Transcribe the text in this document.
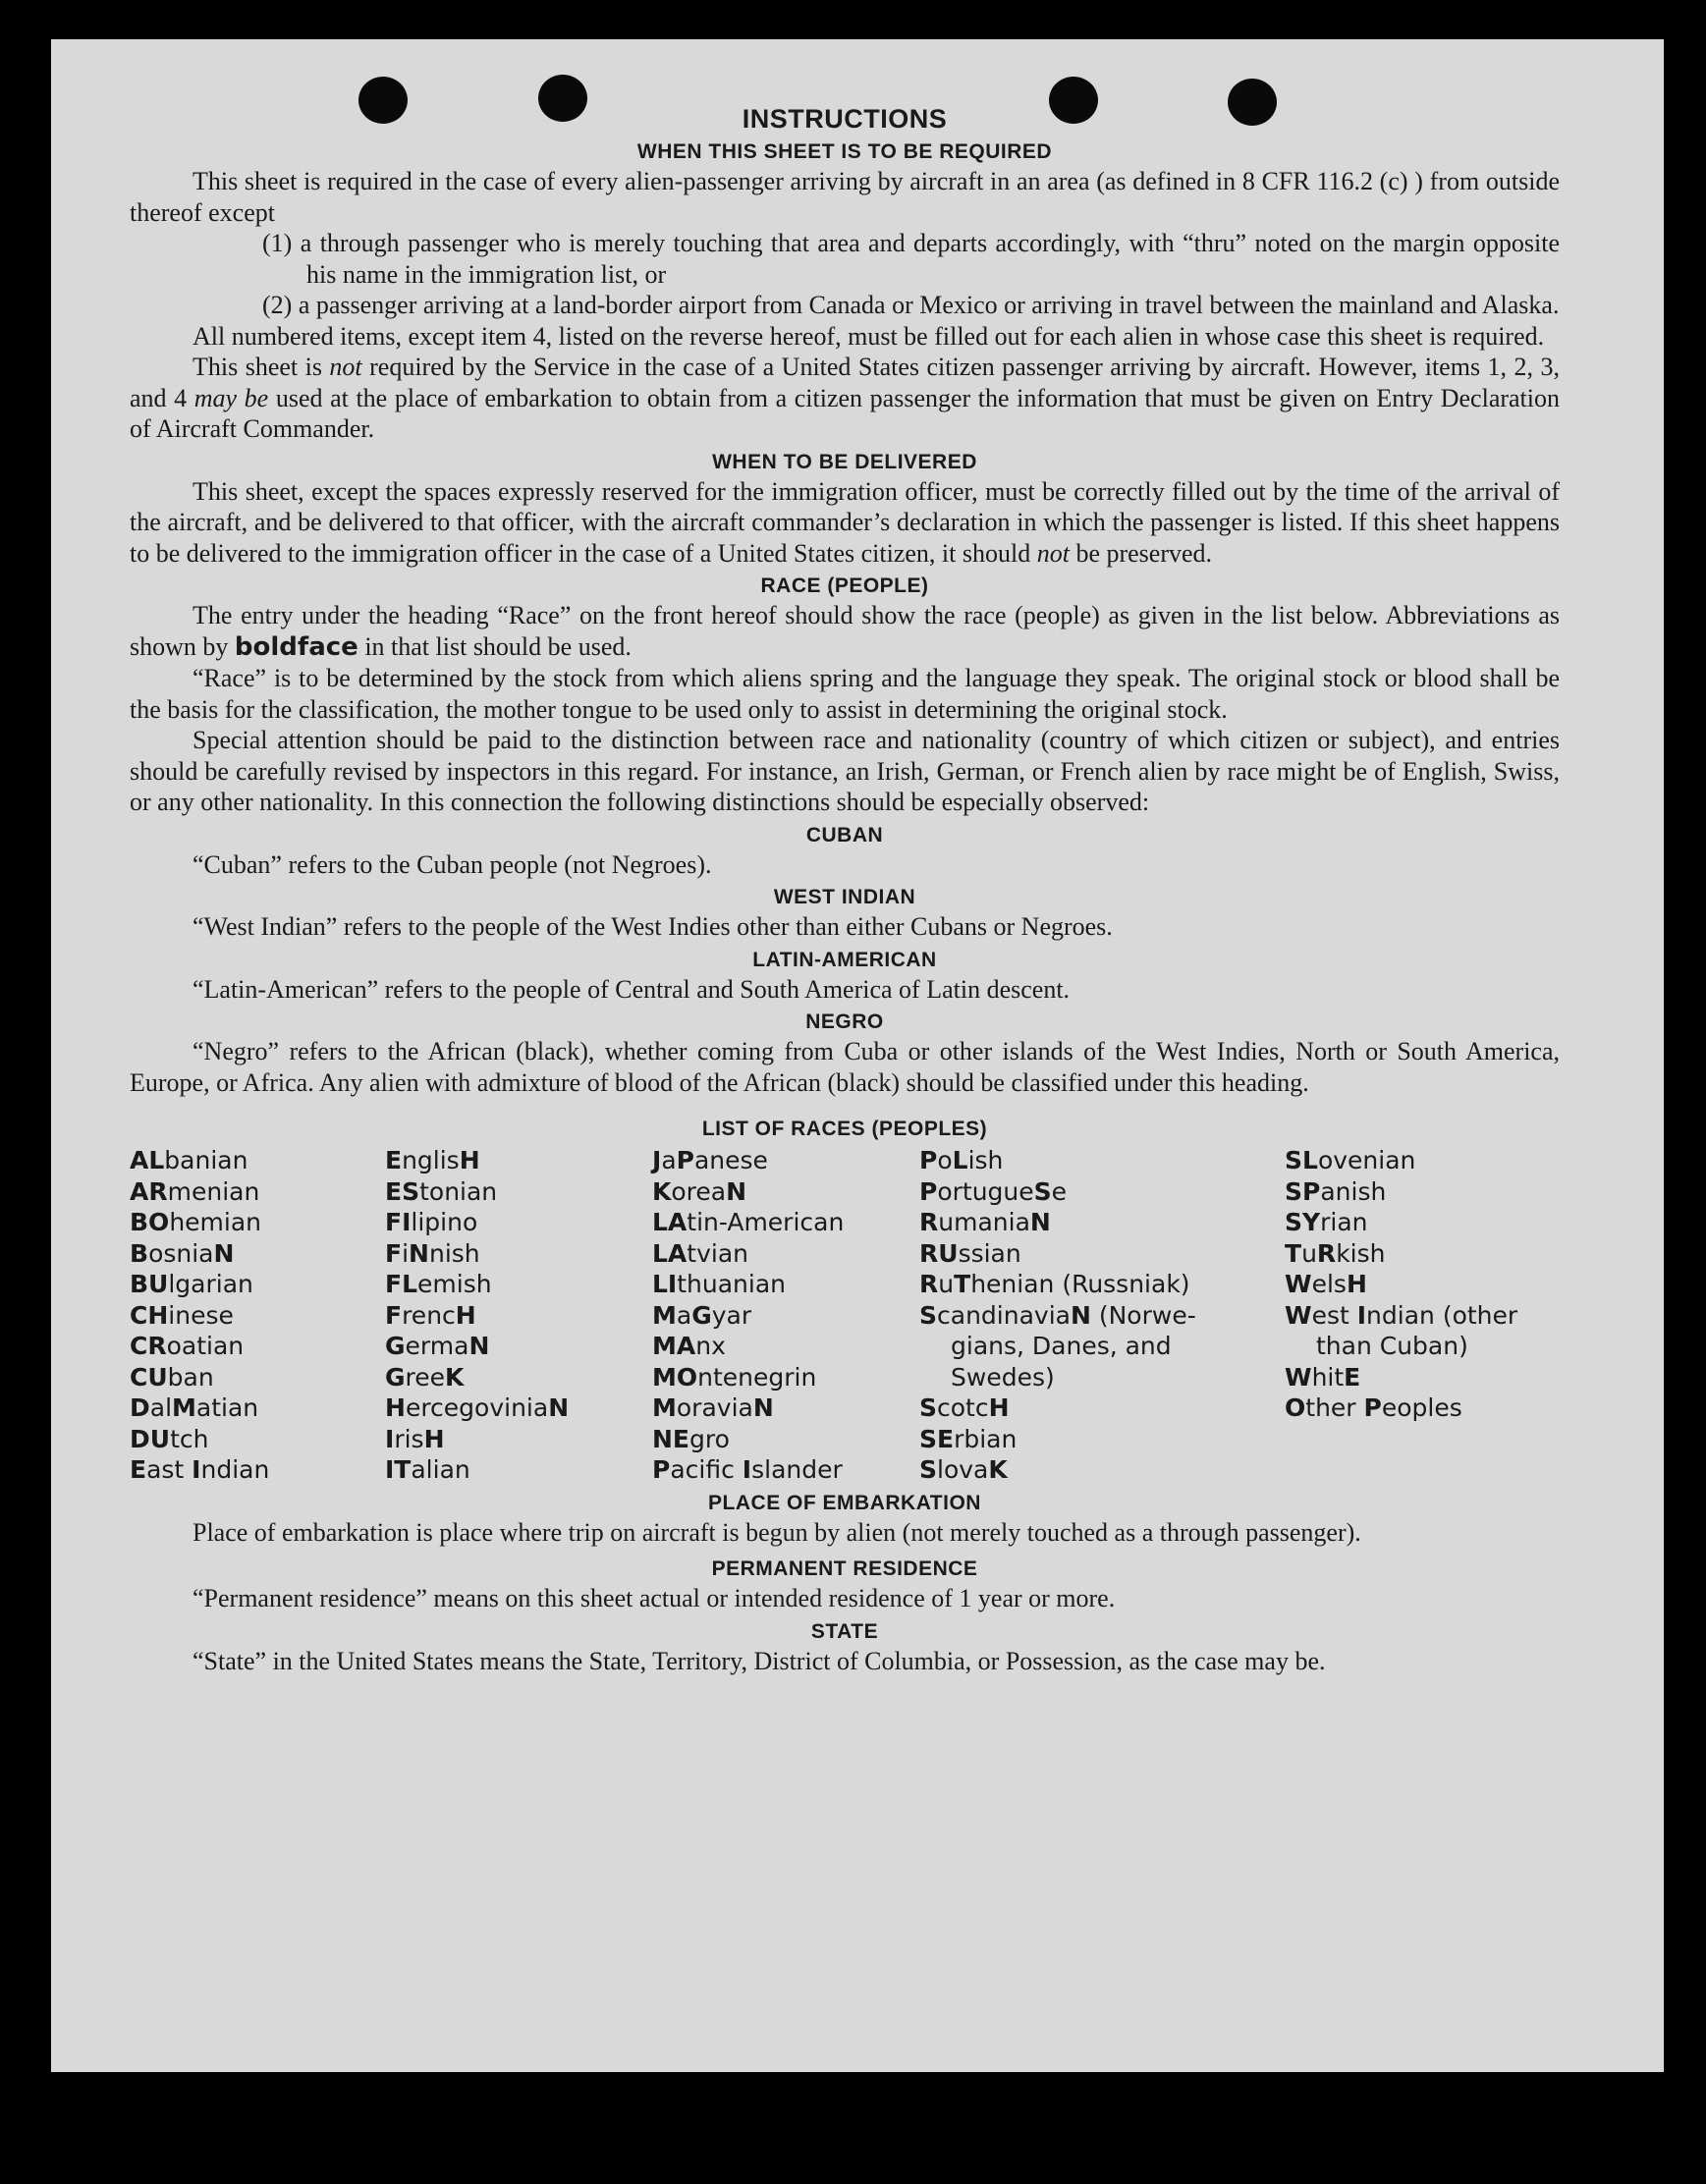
INSTRUCTIONS
WHEN THIS SHEET IS TO BE REQUIRED

This sheet is required in the case of every alien-passenger arriving by aircraft in an area (as defined in 8 CFR 116.2 (c) ) from outside thereof except

(1) a through passenger who is merely touching that area and departs accordingly, with “thru” noted on the margin opposite his name in the immigration list, or

(2) a passenger arriving at a land-border airport from Canada or Mexico or arriving in travel between the mainland and Alaska.

All numbered items, except item 4, listed on the reverse hereof, must be filled out for each alien in whose case this sheet is required.

This sheet is not required by the Service in the case of a United States citizen passenger arriving by aircraft. However, items 1, 2, 3, and 4 may be used at the place of embarkation to obtain from a citizen passenger the information that must be given on Entry Declaration of Aircraft Commander.

WHEN TO BE DELIVERED

This sheet, except the spaces expressly reserved for the immigration officer, must be correctly filled out by the time of the arrival of the aircraft, and be delivered to that officer, with the aircraft commander’s declaration in which the passenger is listed. If this sheet happens to be delivered to the immigration officer in the case of a United States citizen, it should not be preserved.

RACE (PEOPLE)

The entry under the heading “Race” on the front hereof should show the race (people) as given in the list below. Abbreviations as shown by boldface in that list should be used.

“Race” is to be determined by the stock from which aliens spring and the language they speak. The original stock or blood shall be the basis for the classification, the mother tongue to be used only to assist in determining the original stock.

Special attention should be paid to the distinction between race and nationality (country of which citizen or subject), and entries should be carefully revised by inspectors in this regard. For instance, an Irish, German, or French alien by race might be of English, Swiss, or any other nationality. In this connection the following distinctions should be especially observed:

CUBAN

“Cuban” refers to the Cuban people (not Negroes).

WEST INDIAN

“West Indian” refers to the people of the West Indies other than either Cubans or Negroes.

LATIN-AMERICAN

“Latin-American” refers to the people of Central and South America of Latin descent.

NEGRO

“Negro” refers to the African (black), whether coming from Cuba or other islands of the West Indies, North or South America, Europe, or Africa. Any alien with admixture of blood of the African (black) should be classified under this heading.

LIST OF RACES (PEOPLES)
ALbanian
ARmenian
BOhemian
BosniaN
BUlgarian
CHinese
CRoatian
CUban
DalMatian
DUtch
East Indian
EnglisH
EStonian
FIlipino
FiNnish
FLemish
FrencH
GermaN
GreeK
HercegoviniaN
IrisH
ITalian
JaPanese
KoreaN
LAtin-American
LAtvian
LIthuanian
MaGyar
MAnx
MOntenegrin
MoraviaN
NEgro
Pacific Islander
PoLish
PortugueSe
RumaniaN
RUssian
RuThenian (Russniak)
ScandinaviaN (Norwe-
gians, Danes, and
Swedes)
ScotcH
SErbian
SlovaK
SLovenian
SPanish
SYrian
TuRkish
WelsH
West Indian (other
than Cuban)
WhitE
Other Peoples
PLACE OF EMBARKATION

Place of embarkation is place where trip on aircraft is begun by alien (not merely touched as a through passenger).

PERMANENT RESIDENCE

“Permanent residence” means on this sheet actual or intended residence of 1 year or more.

STATE

“State” in the United States means the State, Territory, District of Columbia, or Possession, as the case may be.
